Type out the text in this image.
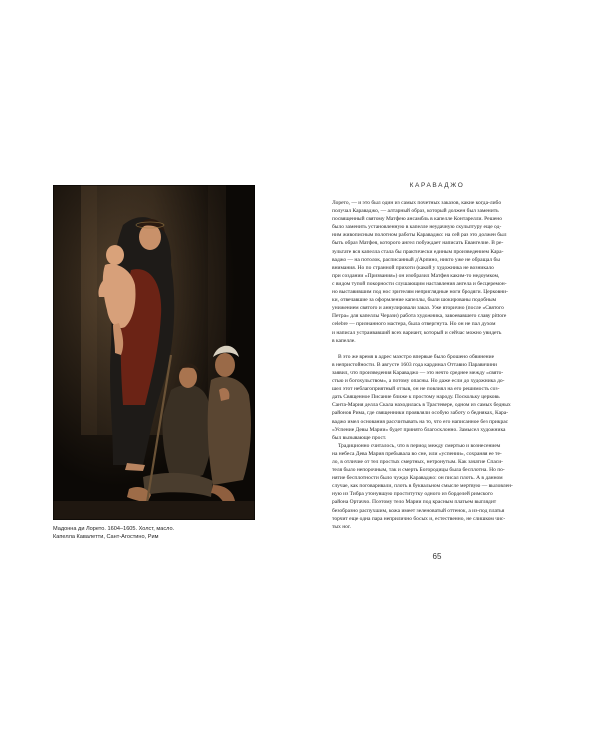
Мадонна ди Лорето. 1604–1605. Холст, масло.
Капелла Кавалетти, Сант-Агостино, Рим
КАРАВАДЖО
Лорето, — и это был один из самых почетных заказов, какие когда-либо
получал Караваджо, — алтарный образ, который должен был заменить
посвященный святому Матфею ансамбль в капелле Контарелли. Решено
было заменить установленную в капелле неудачную скульптуру еще од-
ним живописным полотном работы Караваджо: на сей раз это должен был
быть образ Матфея, которого ангел побуждает написать Евангелие. В ре-
зультате вся капелла стала бы практически единым произведением Кара-
ваджо — на потолок, расписанный д'Арпино, никто уже не обращал бы
внимания. Но по странной прихоти (какой у художника не возникало
при создании «Призвания») он изобразил Матфея каким-то недоумком,
с видом тупой покорности слушающим наставления ангела и бесцеремон-
но выставившим под нос зрителям неприглядные ноги бродяги. Церковни-
ки, отвечавшие за оформление капеллы, были шокированы подобным
унижением святого и аннулировали заказ. Уже вторично (после «Святого
Петра» для капеллы Черази) работа художника, завоевавшего славу pittore
celebre — признанного мастера, была отвергнута. Но он не пал духом
и написал устраивавший всех вариант, который и сейчас можно увидеть
в капелле.
В это же время в адрес маэстро впервые было брошено обвинение
в непристойности. В августе 1603 года кардинал Оттавио Паравичини
заявил, что произведения Караваджо — это нечто среднее между «свято-
стью и богохульством», а потому опасны. Но даже если до художника до-
шел этот неблагоприятный отзыв, он не повлиял на его решимость соз-
дать Священное Писание ближе к простому народу. Поскольку церковь
Санта-Мария делла Скала находилась в Трастевере, одном из самых бедных
районов Рима, где священники проявляли особую заботу о бедняках, Кара-
ваджо имел основания рассчитывать на то, что его написанное без прикрас
«Успение Девы Марии» будет принято благосклонно. Замысел художника
был вызывающе прост.
Традиционно считалось, что в период между смертью и вознесением
на небеса Дева Мария пребывала во сне, или «успении», сохраняя ее те-
ло, в отличие от тел простых смертных, нетронутым. Как зачатие Спаси-
теля было непорочным, так и смерть Богородицы была бесплотна. Но по-
нятие бесплотности было чуждо Караваджо: он писал плоть. А в данном
случае, как поговаривали, плоть в буквальном смысле мертвую — выловлен-
ную из Тибра утонувшую проститутку одного из борделей римского
района Ортаччо. Поэтому тело Марии под красным платьем выглядит
безобразно распухшим, кожа имеет зеленоватый оттенок, а из-под платья
торчит еще одна пара неприлично босых и, естественно, не слишком чис-
тых ног.
65
